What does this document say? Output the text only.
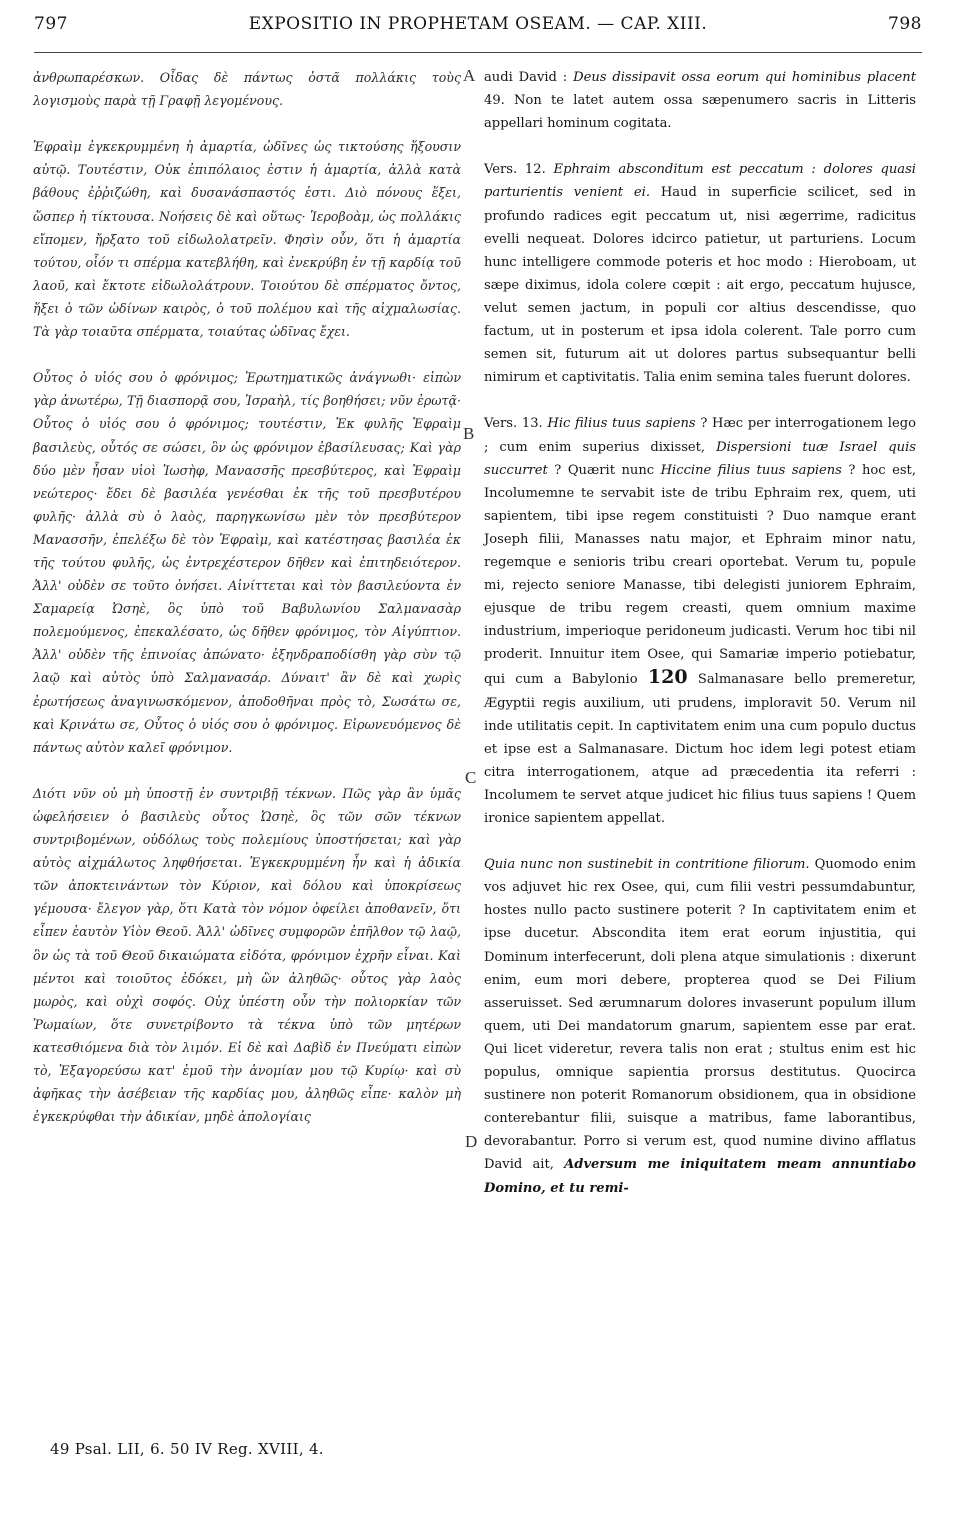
797	EXPOSITIO IN PROPHETAM OSEAM. — CAP. XIII.	798
A
B
C
D

ἀνθρωπαρέσκων. Οἶδας δὲ πάντως ὀστᾶ πολλάκις τοὺς λογισμοὺς παρὰ τῇ Γραφῇ λεγομένους.

Ἐφραὶμ ἐγκεκρυμμένη ἡ ἁμαρτία, ὠδῖνες ὡς τικτούσης ἥξουσιν αὐτῷ. Τουτέστιν, Οὐκ ἐπιπόλαιος ἐστιν ἡ ἁμαρτία, ἀλλὰ κατὰ βάθους ἐῤῥιζώθη, καὶ δυσανάσπαστός ἐστι. Διὸ πόνους ἕξει, ὥσπερ ἡ τίκτουσα. Νοήσεις δὲ καὶ οὕτως· Ἱεροβοὰμ, ὡς πολλάκις εἴπομεν, ἤρξατο τοῦ εἰδωλολατρεῖν. Φησὶν οὖν, ὅτι ἡ ἁμαρτία τούτου, οἷόν τι σπέρμα κατεβλήθη, καὶ ἐνεκρύβη ἐν τῇ καρδίᾳ τοῦ λαοῦ, καὶ ἔκτοτε εἰδωλολάτρουν. Τοιούτου δὲ σπέρματος ὄντος, ἥξει ὁ τῶν ὠδίνων καιρὸς, ὁ τοῦ πολέμου καὶ τῆς αἰχμαλωσίας. Τὰ γὰρ τοιαῦτα σπέρματα, τοιαύτας ὠδῖνας ἔχει.

Οὗτος ὁ υἱός σου ὁ φρόνιμος; Ἐρωτηματικῶς ἀνάγνωθι· εἰπὼν γὰρ ἀνωτέρω, Τῇ διασπορᾷ σου, Ἰσραὴλ, τίς βοηθήσει; νῦν ἐρωτᾷ· Οὗτος ὁ υἱός σου ὁ φρόνιμος; τουτέστιν, Ἐκ φυλῆς Ἐφραὶμ βασιλεὺς, οὗτός σε σώσει, ὃν ὡς φρόνιμον ἐβασίλευσας; Καὶ γὰρ δύο μὲν ἦσαν υἱοὶ Ἰωσὴφ, Μανασσῆς πρεσβύτερος, καὶ Ἐφραὶμ νεώτερος· ἔδει δὲ βασιλέα γενέσθαι ἐκ τῆς τοῦ πρεσβυτέρου φυλῆς· ἀλλὰ σὺ ὁ λαὸς, παρηγκωνίσω μὲν τὸν πρεσβύτερον Μανασσῆν, ἐπελέξω δὲ τὸν Ἐφραὶμ, καὶ κατέστησας βασιλέα ἐκ τῆς τούτου φυλῆς, ὡς ἐντρεχέστερον δῆθεν καὶ ἐπιτηδειότερον. Ἀλλ' οὐδὲν σε τοῦτο ὀνήσει. Αἰνίττεται καὶ τὸν βασιλεύοντα ἐν Σαμαρείᾳ Ὠσηὲ, ὃς ὑπὸ τοῦ Βαβυλωνίου Σαλμανασὰρ πολεμούμενος, ἐπεκαλέσατο, ὡς δῆθεν φρόνιμος, τὸν Αἰγύπτιον. Ἀλλ' οὐδὲν τῆς ἐπινοίας ἀπώνατο· ἐξηνδραποδίσθη γὰρ σὺν τῷ λαῷ καὶ αὐτὸς ὑπὸ Σαλμανασάρ. Δύναιτ' ἂν δὲ καὶ χωρὶς ἐρωτήσεως ἀναγινωσκόμενον, ἀποδοθῆναι πρὸς τὸ, Σωσάτω σε, καὶ Κρινάτω σε, Οὗτος ὁ υἱός σου ὁ φρόνιμος. Εἰρωνευόμενος δὲ πάντως αὐτὸν καλεῖ φρόνιμον.

Διότι νῦν οὐ μὴ ὑποστῇ ἐν συντριβῇ τέκνων. Πῶς γὰρ ἂν ὑμᾶς ὠφελήσειεν ὁ βασιλεὺς οὗτος Ὠσηὲ, ὃς τῶν σῶν τέκνων συντριβομένων, οὐδόλως τοὺς πολεμίους ὑποστήσεται; καὶ γὰρ αὐτὸς αἰχμάλωτος ληφθήσεται. Ἐγκεκρυμμένη ἦν καὶ ἡ ἀδικία τῶν ἀποκτεινάντων τὸν Κύριον, καὶ δόλου καὶ ὑποκρίσεως γέμουσα· ἔλεγον γὰρ, ὅτι Κατὰ τὸν νόμον ὀφείλει ἀποθανεῖν, ὅτι εἶπεν ἑαυτὸν Υἱὸν Θεοῦ. Ἀλλ' ὠδῖνες συμφορῶν ἐπῆλθον τῷ λαῷ, ὃν ὡς τὰ τοῦ Θεοῦ δικαιώματα εἰδότα, φρόνιμον ἐχρῆν εἶναι. Καὶ μέντοι καὶ τοιοῦτος ἐδόκει, μὴ ὢν ἀληθῶς· οὗτος γὰρ λαὸς μωρὸς, καὶ οὐχὶ σοφός. Οὐχ ὑπέστη οὖν τὴν πολιορκίαν τῶν Ῥωμαίων, ὅτε συνετρίβοντο τὰ τέκνα ὑπὸ τῶν μητέρων κατεσθιόμενα διὰ τὸν λιμόν. Εἰ δὲ καὶ Δαβὶδ ἐν Πνεύματι εἰπὼν τὸ, Ἐξαγορεύσω κατ' ἐμοῦ τὴν ἀνομίαν μου τῷ Κυρίῳ· καὶ σὺ ἀφῆκας τὴν ἀσέβειαν τῆς καρδίας μου, ἀληθῶς εἶπε· καλὸν μὴ ἐγκεκρύφθαι τὴν ἀδικίαν, μηδὲ ἀπολογίαις

audi David : Deus dissipavit ossa eorum qui hominibus placent 49. Non te latet autem ossa sæpenumero sacris in Litteris appellari hominum cogitata.

Vers. 12. Ephraim absconditum est peccatum : dolores quasi parturientis venient ei. Haud in superficie scilicet, sed in profundo radices egit peccatum ut, nisi ægerrime, radicitus evelli nequeat. Dolores idcirco patietur, ut parturiens. Locum hunc intelligere commode poteris et hoc modo : Hieroboam, ut sæpe diximus, idola colere cœpit : ait ergo, peccatum hujusce, velut semen jactum, in populi cor altius descendisse, quo factum, ut in posterum et ipsa idola colerent. Tale porro cum semen sit, futurum ait ut dolores partus subsequantur belli nimirum et captivitatis. Talia enim semina tales fuerunt dolores.

Vers. 13. Hic filius tuus sapiens ? Hæc per interrogationem lego ; cum enim superius dixisset, Dispersioni tuæ Israel quis succurret ? Quærit nunc Hiccine filius tuus sapiens ? hoc est, Incolumemne te servabit iste de tribu Ephraim rex, quem, uti sapientem, tibi ipse regem constituisti ? Duo namque erant Joseph filii, Manasses natu major, et Ephraim minor natu, regemque e senioris tribu creari oportebat. Verum tu, popule mi, rejecto seniore Manasse, tibi delegisti juniorem Ephraim, ejusque de tribu regem creasti, quem omnium maxime industrium, imperioque peridoneum judicasti. Verum hoc tibi nil proderit. Innuitur item Osee, qui Samariæ imperio potiebatur, qui cum a Babylonio 120 Salmanasare bello premeretur, Ægyptii regis auxilium, uti prudens, imploravit 50. Verum nil inde utilitatis cepit. In captivitatem enim una cum populo ductus et ipse est a Salmanasare. Dictum hoc idem legi potest etiam citra interrogationem, atque ad præcedentia ita referri : Incolumem te servet atque judicet hic filius tuus sapiens ! Quem ironice sapientem appellat.

Quia nunc non sustinebit in contritione filiorum. Quomodo enim vos adjuvet hic rex Osee, qui, cum filii vestri pessumdabuntur, hostes nullo pacto sustinere poterit ? In captivitatem enim et ipse ducetur. Abscondita item erat eorum injustitia, qui Dominum interfecerunt, doli plena atque simulationis : dixerunt enim, eum mori debere, propterea quod se Dei Filium asseruisset. Sed ærumnarum dolores invaserunt populum illum quem, uti Dei mandatorum gnarum, sapientem esse par erat. Qui licet videretur, revera talis non erat ; stultus enim est hic populus, omnique sapientia prorsus destitutus. Quocirca sustinere non poterit Romanorum obsidionem, qua in obsidione conterebantur filii, suisque a matribus, fame laborantibus, devorabantur. Porro si verum est, quod numine divino afflatus David ait, Adversum me iniquitatem meam annuntiabo Domino, et tu remi-

49 Psal. LII, 6. 50 IV Reg. XVIII, 4.
